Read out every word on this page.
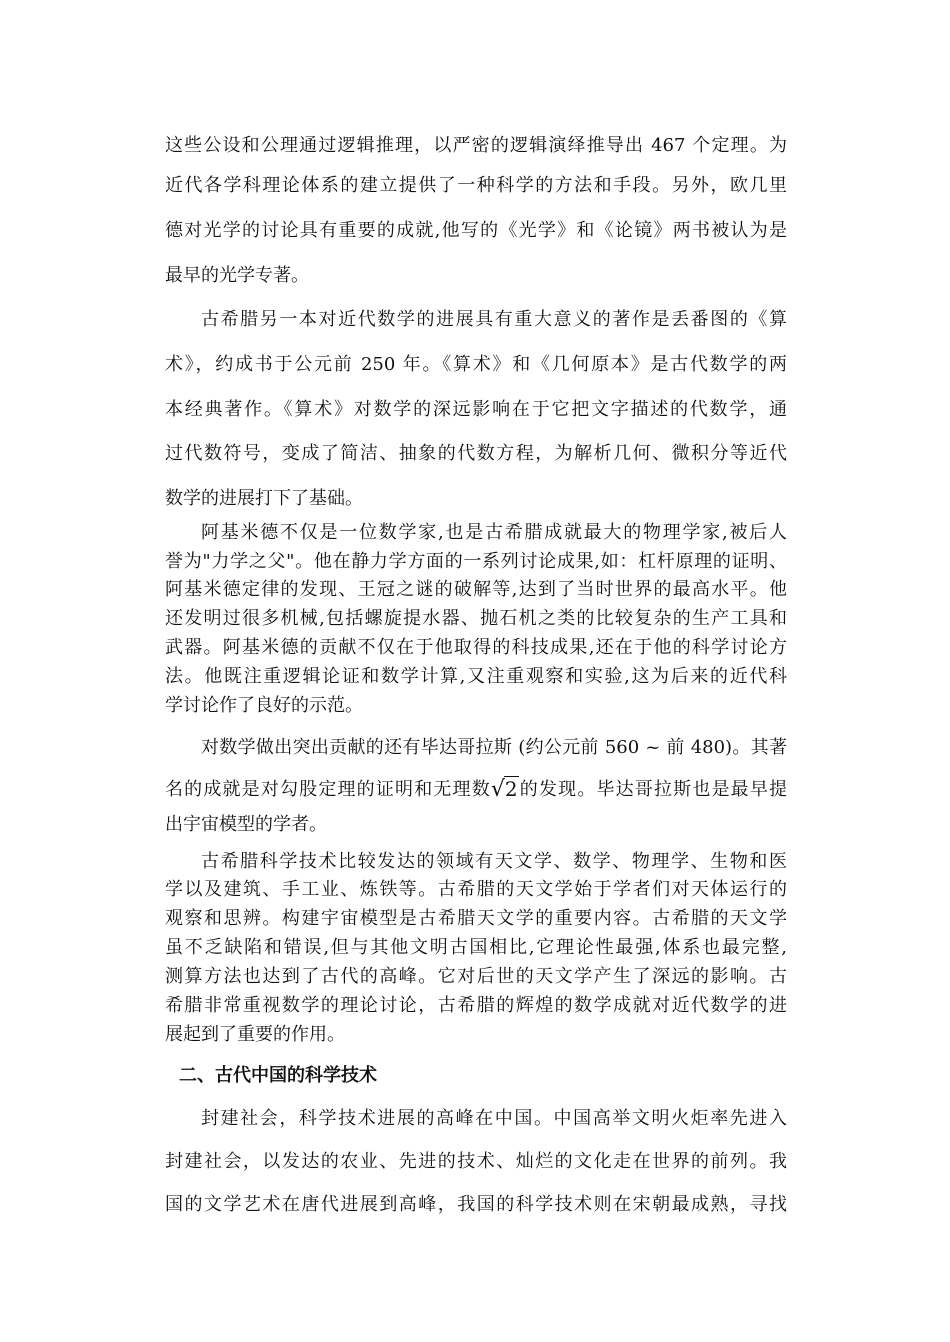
这些公设和公理通过逻辑推理，以严密的逻辑演绎推导出 467 个定理。为
近代各学科理论体系的建立提供了一种科学的方法和手段。另外，欧几里
德对光学的讨论具有重要的成就,他写的《光学》和《论镜》两书被认为是
最早的光学专著。
古希腊另一本对近代数学的进展具有重大意义的著作是丢番图的《算
术》，约成书于公元前 250 年。《算术》和《几何原本》是古代数学的两
本经典著作。《算术》对数学的深远影响在于它把文字描述的代数学，通
过代数符号，变成了简洁、抽象的代数方程，为解析几何、微积分等近代
数学的进展打下了基础。
阿基米德不仅是一位数学家,也是古希腊成就最大的物理学家,被后人
誉为"力学之父"。他在静力学方面的一系列讨论成果,如：杠杆原理的证明、
阿基米德定律的发现、王冠之谜的破解等,达到了当时世界的最高水平。他
还发明过很多机械,包括螺旋提水器、抛石机之类的比较复杂的生产工具和
武器。阿基米德的贡献不仅在于他取得的科技成果,还在于他的科学讨论方
法。他既注重逻辑论证和数学计算,又注重观察和实验,这为后来的近代科
学讨论作了良好的示范。
对数学做出突出贡献的还有毕达哥拉斯 (约公元前 560 ~ 前 480)。其著
名的成就是对勾股定理的证明和无理数√2的发现。毕达哥拉斯也是最早提
出宇宙模型的学者。
古希腊科学技术比较发达的领域有天文学、数学、物理学、生物和医
学以及建筑、手工业、炼铁等。古希腊的天文学始于学者们对天体运行的
观察和思辨。构建宇宙模型是古希腊天文学的重要内容。古希腊的天文学
虽不乏缺陷和错误,但与其他文明古国相比,它理论性最强,体系也最完整,
测算方法也达到了古代的高峰。它对后世的天文学产生了深远的影响。古
希腊非常重视数学的理论讨论，古希腊的辉煌的数学成就对近代数学的进
展起到了重要的作用。
二、古代中国的科学技术
封建社会，科学技术进展的高峰在中国。中国高举文明火炬率先进入
封建社会，以发达的农业、先进的技术、灿烂的文化走在世界的前列。我
国的文学艺术在唐代进展到高峰，我国的科学技术则在宋朝最成熟，寻找
